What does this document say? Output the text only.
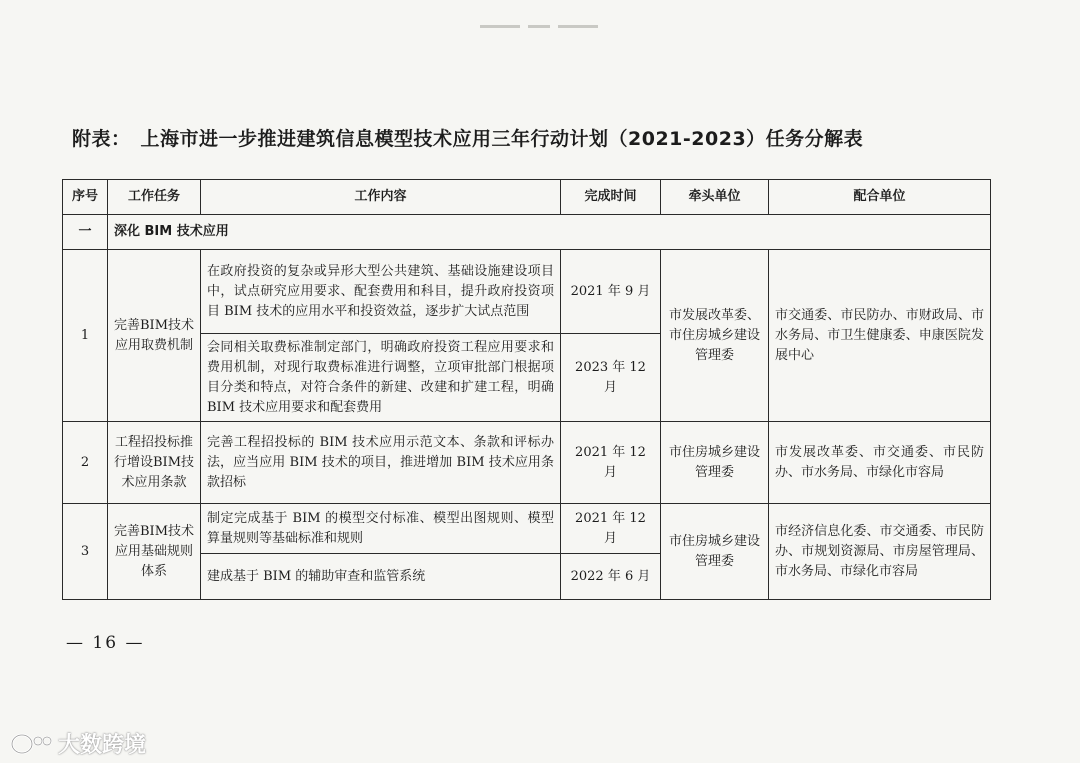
附表： 上海市进一步推进建筑信息模型技术应用三年行动计划（2021-2023）任务分解表
序号	工作任务	工作内容	完成时间	牵头单位	配合单位
一	深化 BIM 技术应用				
1	完善BIM技术应用取费机制	在政府投资的复杂或异形大型公共建筑、基础设施建设项目中，试点研究应用要求、配套费用和科目，提升政府投资项目 BIM 技术的应用水平和投资效益，逐步扩大试点范围	2021 年 9 月	市发展改革委、市住房城乡建设管理委	市交通委、市民防办、市财政局、市水务局、市卫生健康委、申康医院发展中心
		会同相关取费标准制定部门，明确政府投资工程应用要求和费用机制，对现行取费标准进行调整，立项审批部门根据项目分类和特点，对符合条件的新建、改建和扩建工程，明确 BIM 技术应用要求和配套费用	2023 年 12 月		
2	工程招投标推行增设BIM技术应用条款	完善工程招投标的 BIM 技术应用示范文本、条款和评标办法，应当应用 BIM 技术的项目，推进增加 BIM 技术应用条款招标	2021 年 12 月	市住房城乡建设管理委	市发展改革委、市交通委、市民防办、市水务局、市绿化市容局
3	完善BIM技术应用基础规则体系	制定完成基于 BIM 的模型交付标准、模型出图规则、模型算量规则等基础标准和规则	2021 年 12 月	市住房城乡建设管理委	市经济信息化委、市交通委、市民防办、市规划资源局、市房屋管理局、市水务局、市绿化市容局
		建成基于 BIM 的辅助审查和监管系统	2022 年 6 月		
— 16 —
大数跨境
